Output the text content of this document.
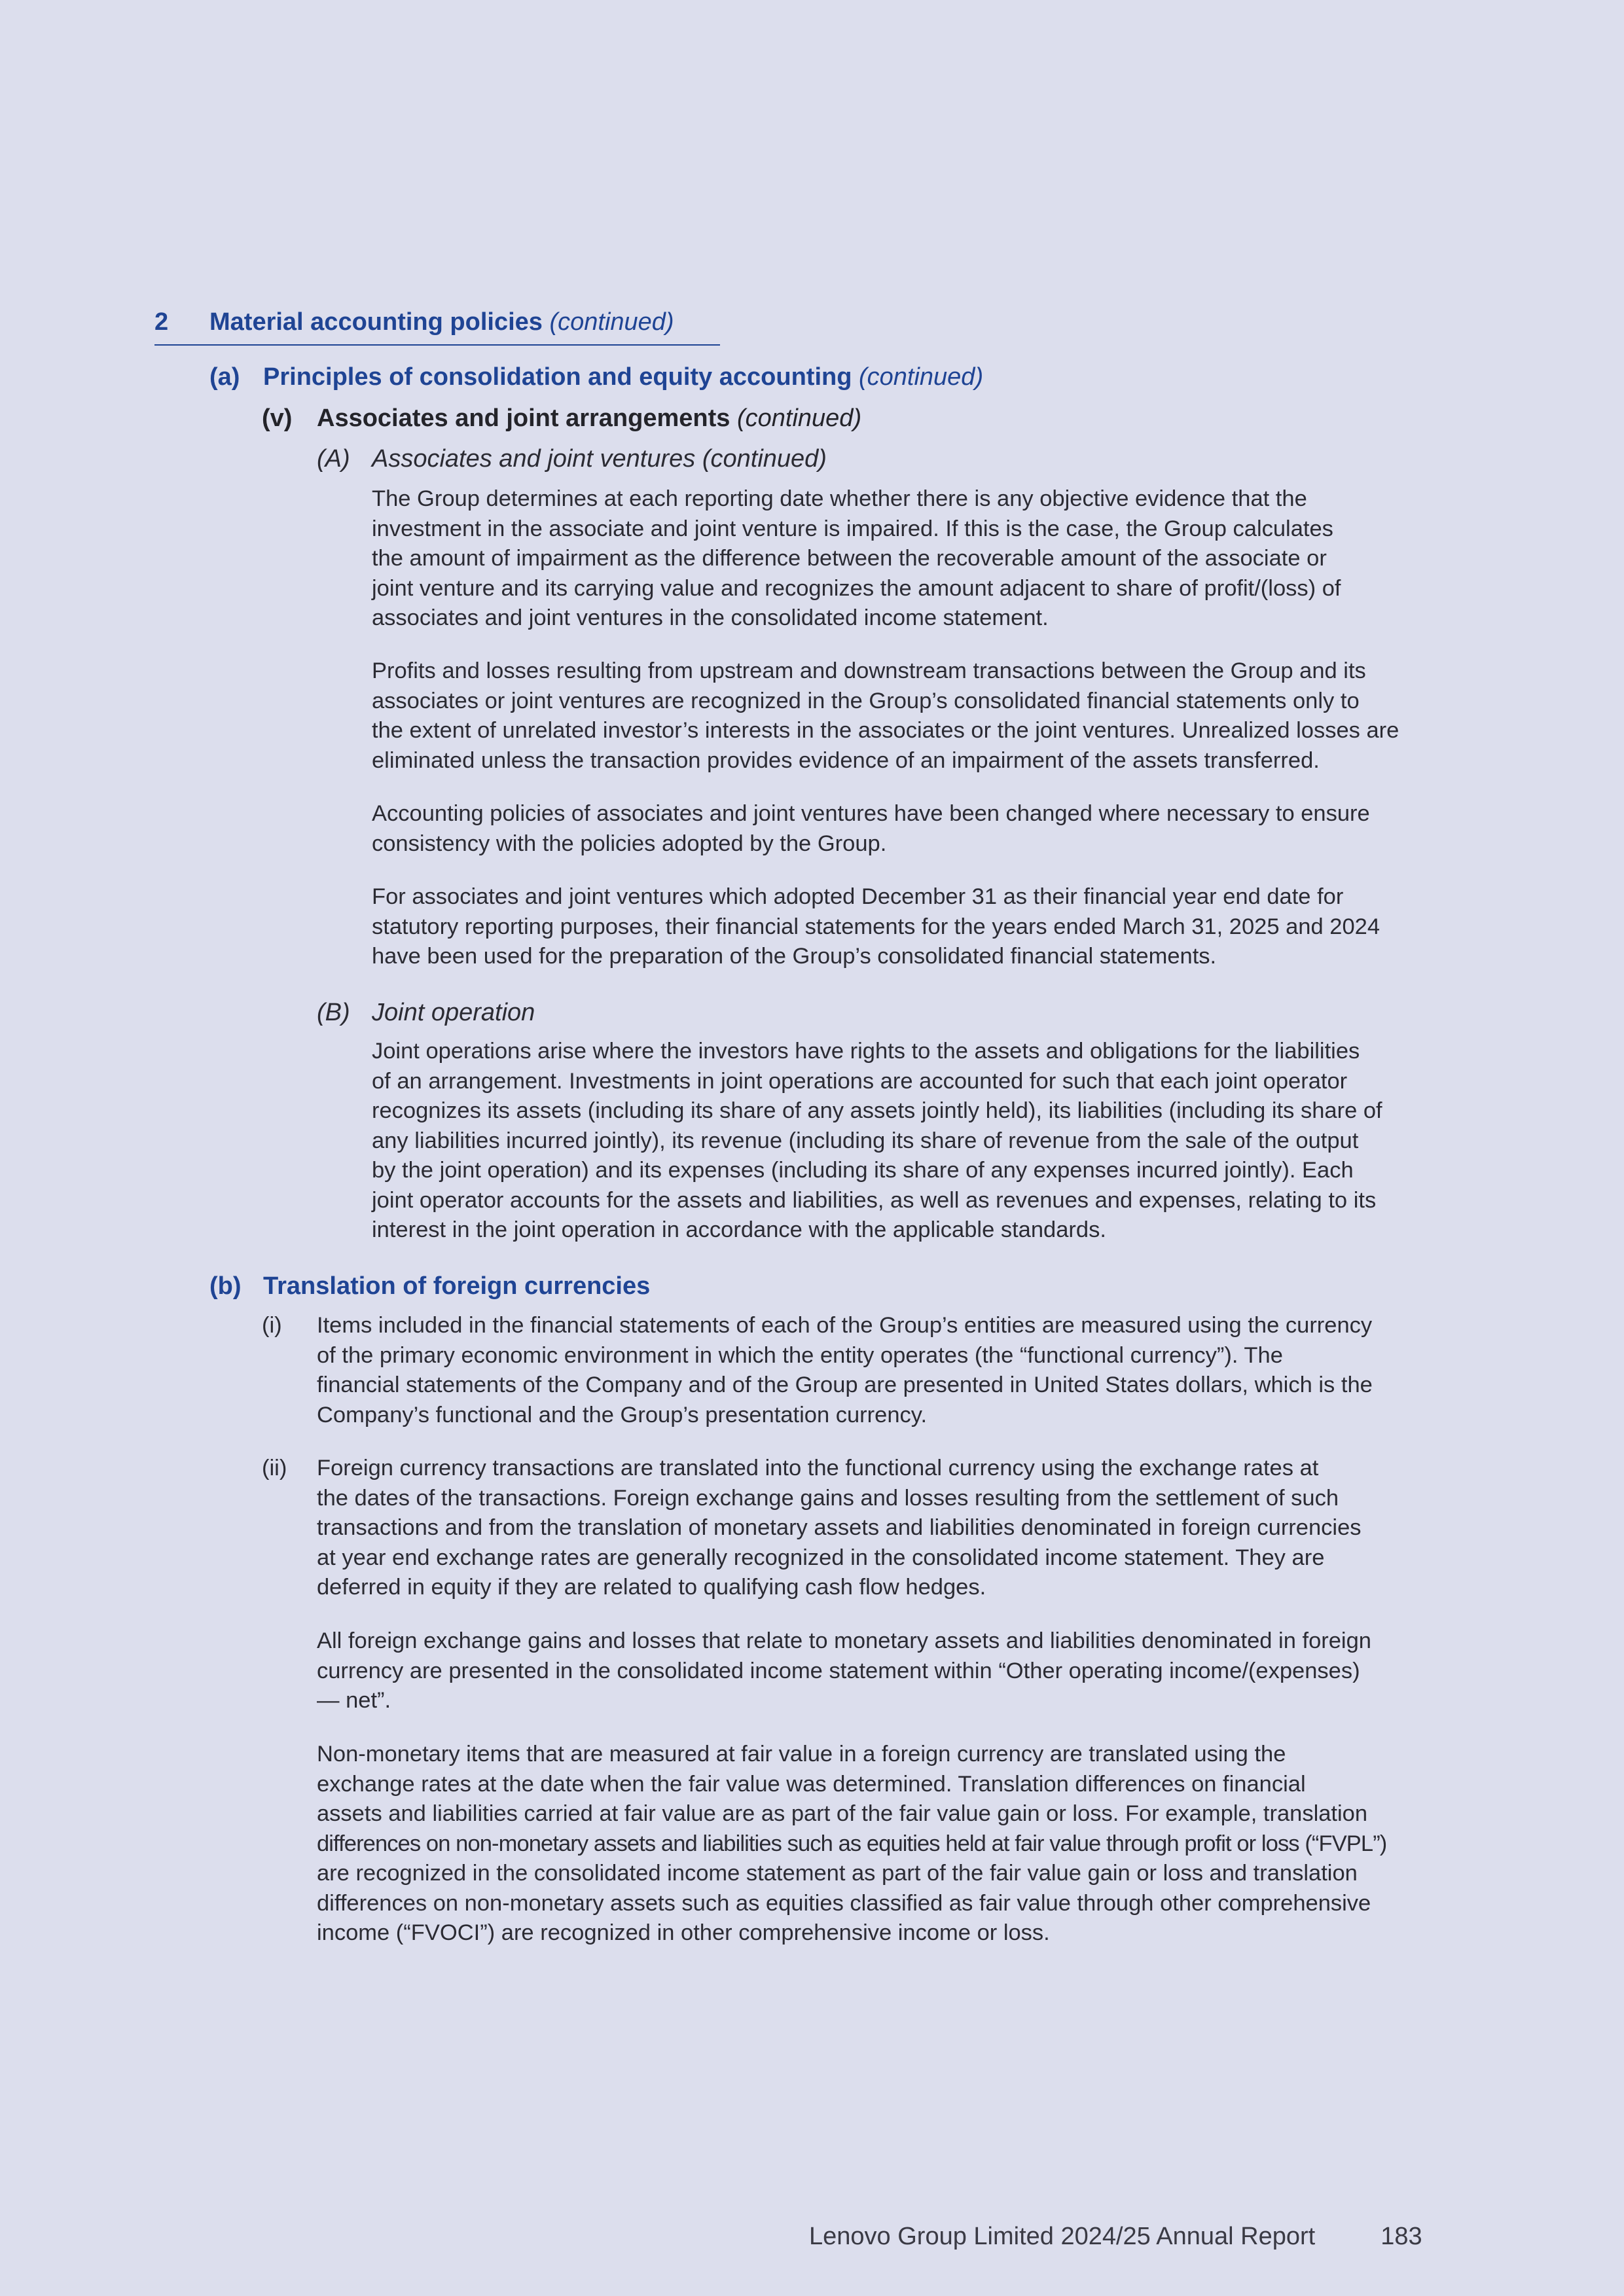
2 Material accounting policies (continued)
(a) Principles of consolidation and equity accounting (continued)
(v) Associates and joint arrangements (continued)
(A) Associates and joint ventures (continued)
The Group determines at each reporting date whether there is any objective evidence that the
investment in the associate and joint venture is impaired. If this is the case, the Group calculates
the amount of impairment as the difference between the recoverable amount of the associate or
joint venture and its carrying value and recognizes the amount adjacent to share of profit/(loss) of
associates and joint ventures in the consolidated income statement.
Profits and losses resulting from upstream and downstream transactions between the Group and its
associates or joint ventures are recognized in the Group’s consolidated financial statements only to
the extent of unrelated investor’s interests in the associates or the joint ventures. Unrealized losses are
eliminated unless the transaction provides evidence of an impairment of the assets transferred.
Accounting policies of associates and joint ventures have been changed where necessary to ensure
consistency with the policies adopted by the Group.
For associates and joint ventures which adopted December 31 as their financial year end date for
statutory reporting purposes, their financial statements for the years ended March 31, 2025 and 2024
have been used for the preparation of the Group’s consolidated financial statements.
(B) Joint operation
Joint operations arise where the investors have rights to the assets and obligations for the liabilities
of an arrangement. Investments in joint operations are accounted for such that each joint operator
recognizes its assets (including its share of any assets jointly held), its liabilities (including its share of
any liabilities incurred jointly), its revenue (including its share of revenue from the sale of the output
by the joint operation) and its expenses (including its share of any expenses incurred jointly). Each
joint operator accounts for the assets and liabilities, as well as revenues and expenses, relating to its
interest in the joint operation in accordance with the applicable standards.
(b) Translation of foreign currencies
(i) Items included in the financial statements of each of the Group’s entities are measured using the currency
of the primary economic environment in which the entity operates (the “functional currency”). The
financial statements of the Company and of the Group are presented in United States dollars, which is the
Company’s functional and the Group’s presentation currency.
(ii) Foreign currency transactions are translated into the functional currency using the exchange rates at
the dates of the transactions. Foreign exchange gains and losses resulting from the settlement of such
transactions and from the translation of monetary assets and liabilities denominated in foreign currencies
at year end exchange rates are generally recognized in the consolidated income statement. They are
deferred in equity if they are related to qualifying cash flow hedges.
All foreign exchange gains and losses that relate to monetary assets and liabilities denominated in foreign
currency are presented in the consolidated income statement within “Other operating income/(expenses)
— net”.
Non-monetary items that are measured at fair value in a foreign currency are translated using the
exchange rates at the date when the fair value was determined. Translation differences on financial
assets and liabilities carried at fair value are as part of the fair value gain or loss. For example, translation
differences on non-monetary assets and liabilities such as equities held at fair value through profit or loss (“FVPL”)
are recognized in the consolidated income statement as part of the fair value gain or loss and translation
differences on non-monetary assets such as equities classified as fair value through other comprehensive
income (“FVOCI”) are recognized in other comprehensive income or loss.
Lenovo Group Limited 2024/25 Annual Report	183
